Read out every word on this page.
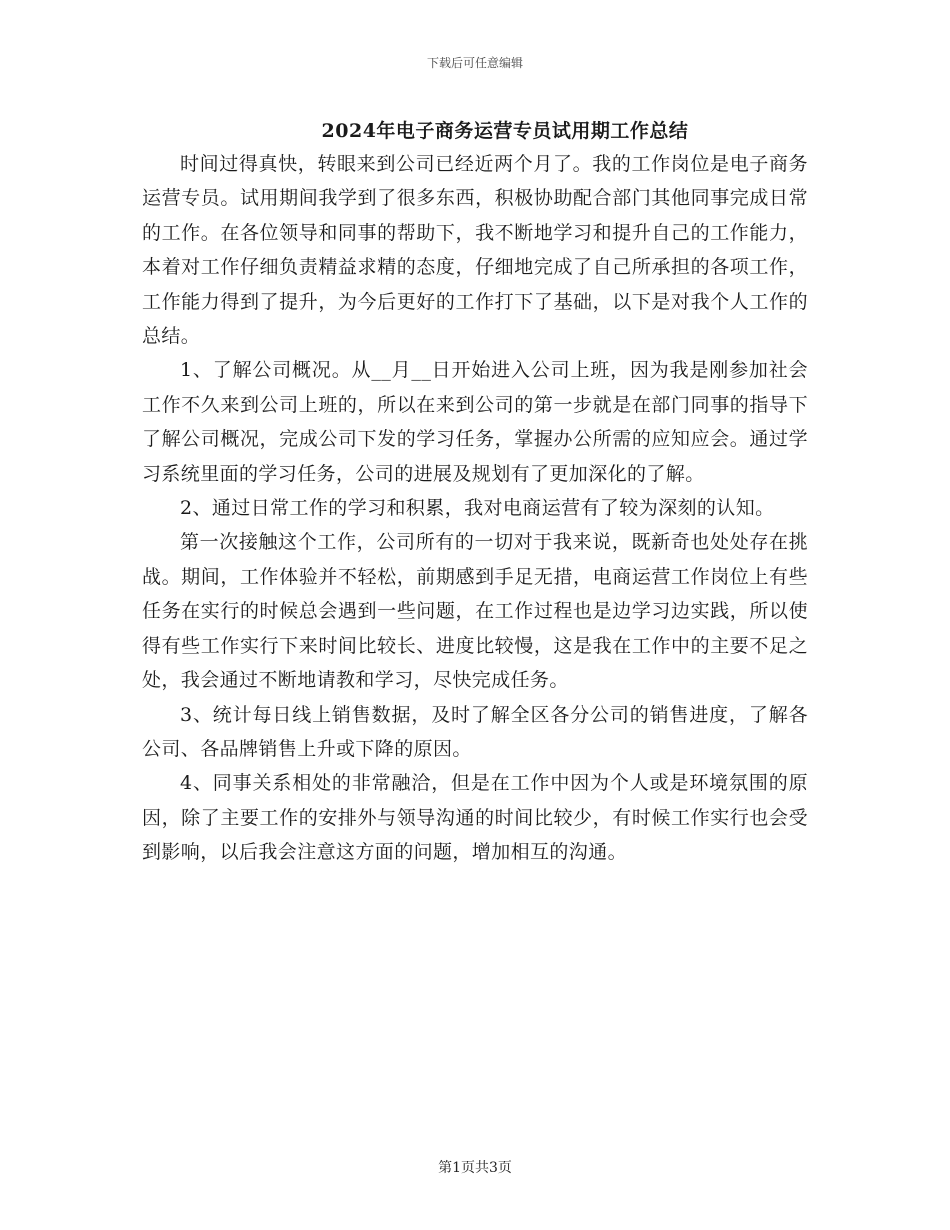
下载后可任意编辑
2024年电子商务运营专员试用期工作总结

时间过得真快，转眼来到公司已经近两个月了。我的工作岗位是电子商务运营专员。试用期间我学到了很多东西，积极协助配合部门其他同事完成日常的工作。在各位领导和同事的帮助下，我不断地学习和提升自己的工作能力，本着对工作仔细负责精益求精的态度，仔细地完成了自己所承担的各项工作，工作能力得到了提升，为今后更好的工作打下了基础，以下是对我个人工作的总结。

1、了解公司概况。从__月__日开始进入公司上班，因为我是刚参加社会工作不久来到公司上班的，所以在来到公司的第一步就是在部门同事的指导下了解公司概况，完成公司下发的学习任务，掌握办公所需的应知应会。通过学习系统里面的学习任务，公司的进展及规划有了更加深化的了解。

2、通过日常工作的学习和积累，我对电商运营有了较为深刻的认知。

第一次接触这个工作，公司所有的一切对于我来说，既新奇也处处存在挑战。期间，工作体验并不轻松，前期感到手足无措，电商运营工作岗位上有些任务在实行的时候总会遇到一些问题，在工作过程也是边学习边实践，所以使得有些工作实行下来时间比较长、进度比较慢，这是我在工作中的主要不足之处，我会通过不断地请教和学习，尽快完成任务。

3、统计每日线上销售数据，及时了解全区各分公司的销售进度，了解各公司、各品牌销售上升或下降的原因。

4、同事关系相处的非常融洽，但是在工作中因为个人或是环境氛围的原因，除了主要工作的安排外与领导沟通的时间比较少，有时候工作实行也会受到影响，以后我会注意这方面的问题，增加相互的沟通。

第1页共3页
